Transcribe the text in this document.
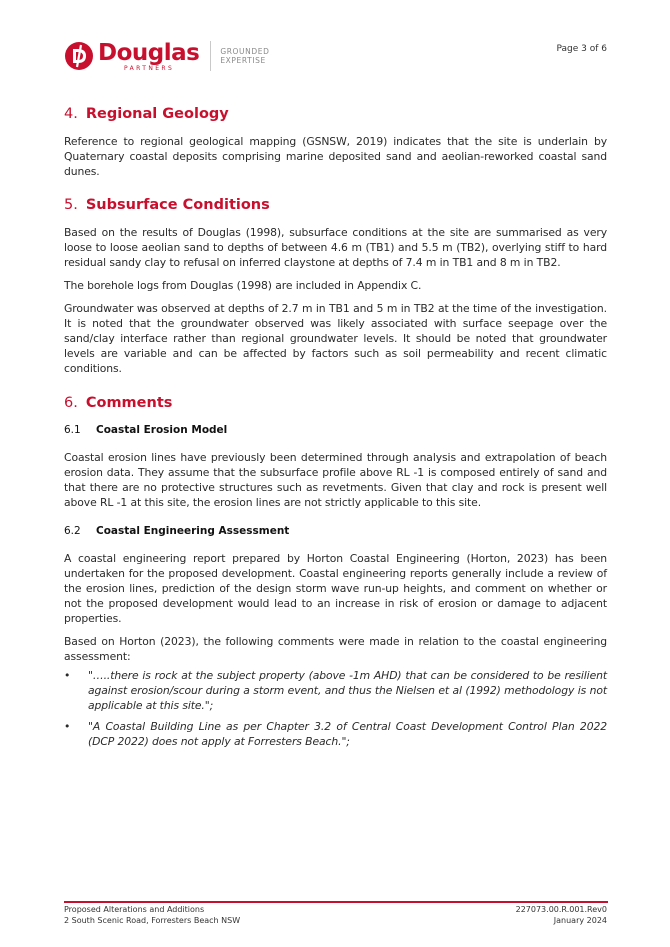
Douglas
PARTNERS
GROUNDED
EXPERTISE
Page 3 of 6
4. Regional Geology

Reference to regional geological mapping (GSNSW, 2019) indicates that the site is underlain by Quaternary coastal deposits comprising marine deposited sand and aeolian-reworked coastal sand dunes.

5. Subsurface Conditions

Based on the results of Douglas (1998), subsurface conditions at the site are summarised as very loose to loose aeolian sand to depths of between 4.6 m (TB1) and 5.5 m (TB2), overlying stiff to hard residual sandy clay to refusal on inferred claystone at depths of 7.4 m in TB1 and 8 m in TB2.

The borehole logs from Douglas (1998) are included in Appendix C.

Groundwater was observed at depths of 2.7 m in TB1 and 5 m in TB2 at the time of the investigation. It is noted that the groundwater observed was likely associated with surface seepage over the sand/clay interface rather than regional groundwater levels. It should be noted that groundwater levels are variable and can be affected by factors such as soil permeability and recent climatic conditions.

6. Comments
6.1	Coastal Erosion Model

Coastal erosion lines have previously been determined through analysis and extrapolation of beach erosion data. They assume that the subsurface profile above RL -1 is composed entirely of sand and that there are no protective structures such as revetments. Given that clay and rock is present well above RL -1 at this site, the erosion lines are not strictly applicable to this site.

6.2	Coastal Engineering Assessment

A coastal engineering report prepared by Horton Coastal Engineering (Horton, 2023) has been undertaken for the proposed development. Coastal engineering reports generally include a review of the erosion lines, prediction of the design storm wave run-up heights, and comment on whether or not the proposed development would lead to an increase in risk of erosion or damage to adjacent properties.

Based on Horton (2023), the following comments were made in relation to the coastal engineering assessment:

• "…..there is rock at the subject property (above -1m AHD) that can be considered to be resilient against erosion/scour during a storm event, and thus the Nielsen et al (1992) methodology is not applicable at this site.";
• "A Coastal Building Line as per Chapter 3.2 of Central Coast Development Control Plan 2022 (DCP 2022) does not apply at Forresters Beach.";
Proposed Alterations and Additions
2 South Scenic Road, Forresters Beach NSW
227073.00.R.001.Rev0
January 2024
